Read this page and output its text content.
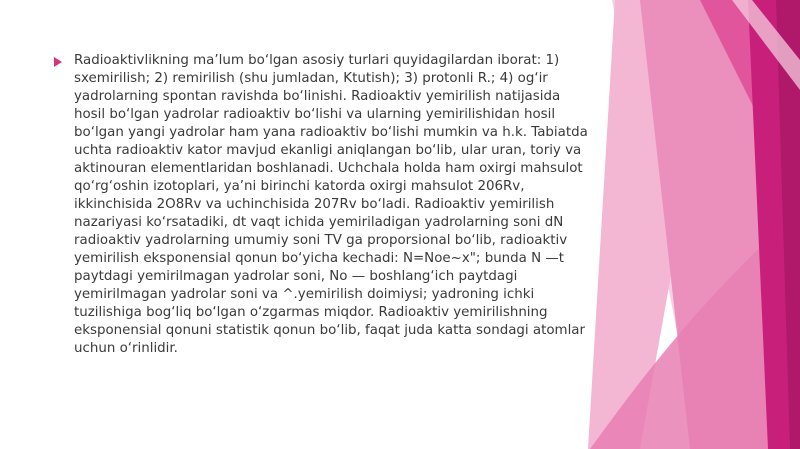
Radioaktivlikning ma’lum bo‘lgan asosiy turlari quyidagilardan iborat: 1) sxemirilish; 2) remirilish (shu jumladan, Ktutish); 3) protonli R.; 4) og‘ir yadrolarning spontan ravishda bo‘linishi. Radioaktiv yemirilish natijasida hosil bo‘lgan yadrolar radioaktiv bo‘lishi va ularning yemirilishidan hosil bo‘lgan yangi yadrolar ham yana radioaktiv bo‘lishi mumkin va h.k. Tabiatda uchta radioaktiv kator mavjud ekanligi aniqlangan bo‘lib, ular uran, toriy va aktinouran elementlaridan boshlanadi. Uchchala holda ham oxirgi mahsulot qo‘rg‘oshin izotoplari, ya’ni birinchi katorda oxirgi mahsulot 206Rv, ikkinchisida 2O8Rv va uchinchisida 207Rv bo‘ladi. Radioaktiv yemirilish nazariyasi ko‘rsatadiki, dt vaqt ichida yemiriladigan yadrolarning soni dN radioaktiv yadrolarning umumiy soni TV ga proporsional bo‘lib, radioaktiv yemirilish eksponensial qonun bo‘yicha kechadi: N=Noe~x"; bunda N —t paytdagi yemirilmagan yadrolar soni, No — boshlang‘ich paytdagi yemirilmagan yadrolar soni va ^.yemirilish doimiysi; yadroning ichki tuzilishiga bog‘liq bo‘lgan o‘zgarmas miqdor. Radioaktiv yemirilishning eksponensial qonuni statistik qonun bo‘lib, faqat juda katta sondagi atomlar uchun o‘rinlidir.
